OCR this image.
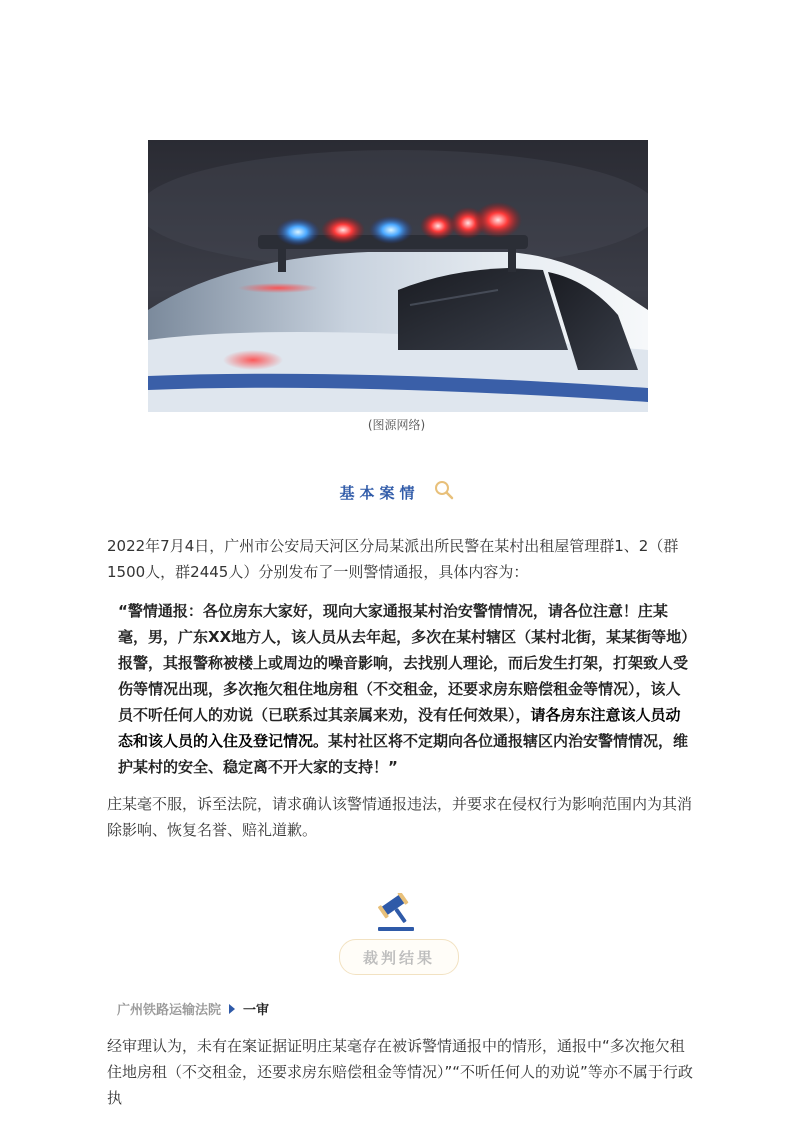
(图源网络)
基本案情

2022年7月4日，广州市公安局天河区分局某派出所民警在某村出租屋管理群1、2（群1500人，群2445人）分别发布了一则警情通报，具体内容为：

“警情通报：各位房东大家好，现向大家通报某村治安警情情况，请各位注意！庄某毫，男，广东XX地方人，该人员从去年起，多次在某村辖区（某村北街，某某街等地）报警，其报警称被楼上或周边的噪音影响，去找别人理论，而后发生打架，打架致人受伤等情况出现，多次拖欠租住地房租（不交租金，还要求房东赔偿租金等情况），该人员不听任何人的劝说（已联系过其亲属来劝，没有任何效果），请各房东注意该人员动态和该人员的入住及登记情况。某村社区将不定期向各位通报辖区内治安警情情况，维护某村的安全、稳定离不开大家的支持！”

庄某毫不服，诉至法院，请求确认该警情通报违法，并要求在侵权行为影响范围内为其消除影响、恢复名誉、赔礼道歉。

裁判结果
广州铁路运输法院 一审

经审理认为，未有在案证据证明庄某毫存在被诉警情通报中的情形，通报中“多次拖欠租住地房租（不交租金，还要求房东赔偿租金等情况）”“不听任何人的劝说”等亦不属于行政执
